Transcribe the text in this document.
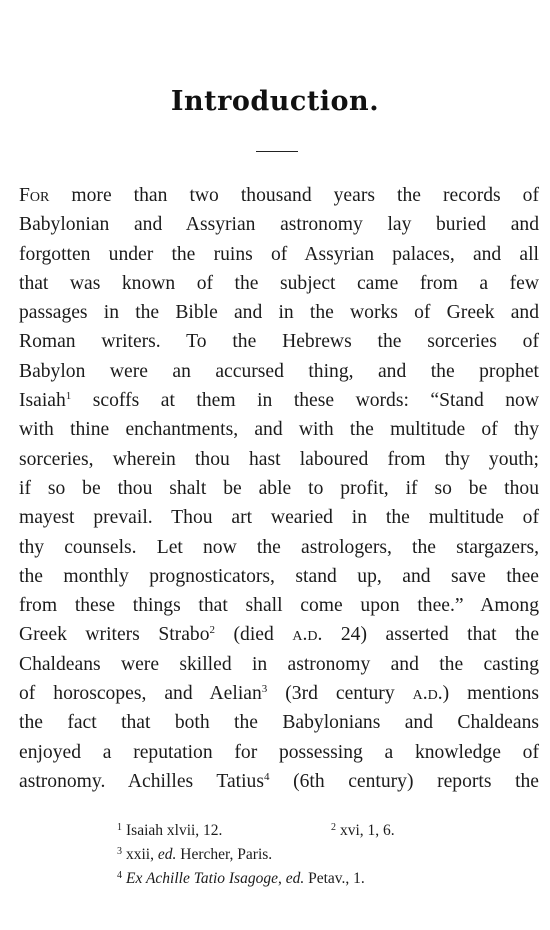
Introduction.
For more than two thousand years the records of
Babylonian and Assyrian astronomy lay buried and
forgotten under the ruins of Assyrian palaces, and all
that was known of the subject came from a few
passages in the Bible and in the works of Greek and
Roman writers. To the Hebrews the sorceries of
Babylon were an accursed thing, and the prophet
Isaiah$^1$ scoffs at them in these words: “Stand now
with thine enchantments, and with the multitude of thy
sorceries, wherein thou hast laboured from thy youth;
if so be thou shalt be able to profit, if so be thou
mayest prevail. Thou art wearied in the multitude of
thy counsels. Let now the astrologers, the stargazers,
the monthly prognosticators, stand up, and save thee
from these things that shall come upon thee.” Among
Greek writers Strabo$^2$ (died a.d. 24) asserted that the
Chaldeans were skilled in astronomy and the casting
of horoscopes, and Aelian$^3$ (3rd century a.d.) mentions
the fact that both the Babylonians and Chaldeans
enjoyed a reputation for possessing a knowledge of
astronomy. Achilles Tatius$^4$ (6th century) reports the
$^1$ Isaiah xlvii, 12.	$^2$ xvi, 1, 6.
$^3$ xxii, ed. Hercher, Paris.
$^4$ Ex Achille Tatio Isagoge, ed. Petav., 1.
